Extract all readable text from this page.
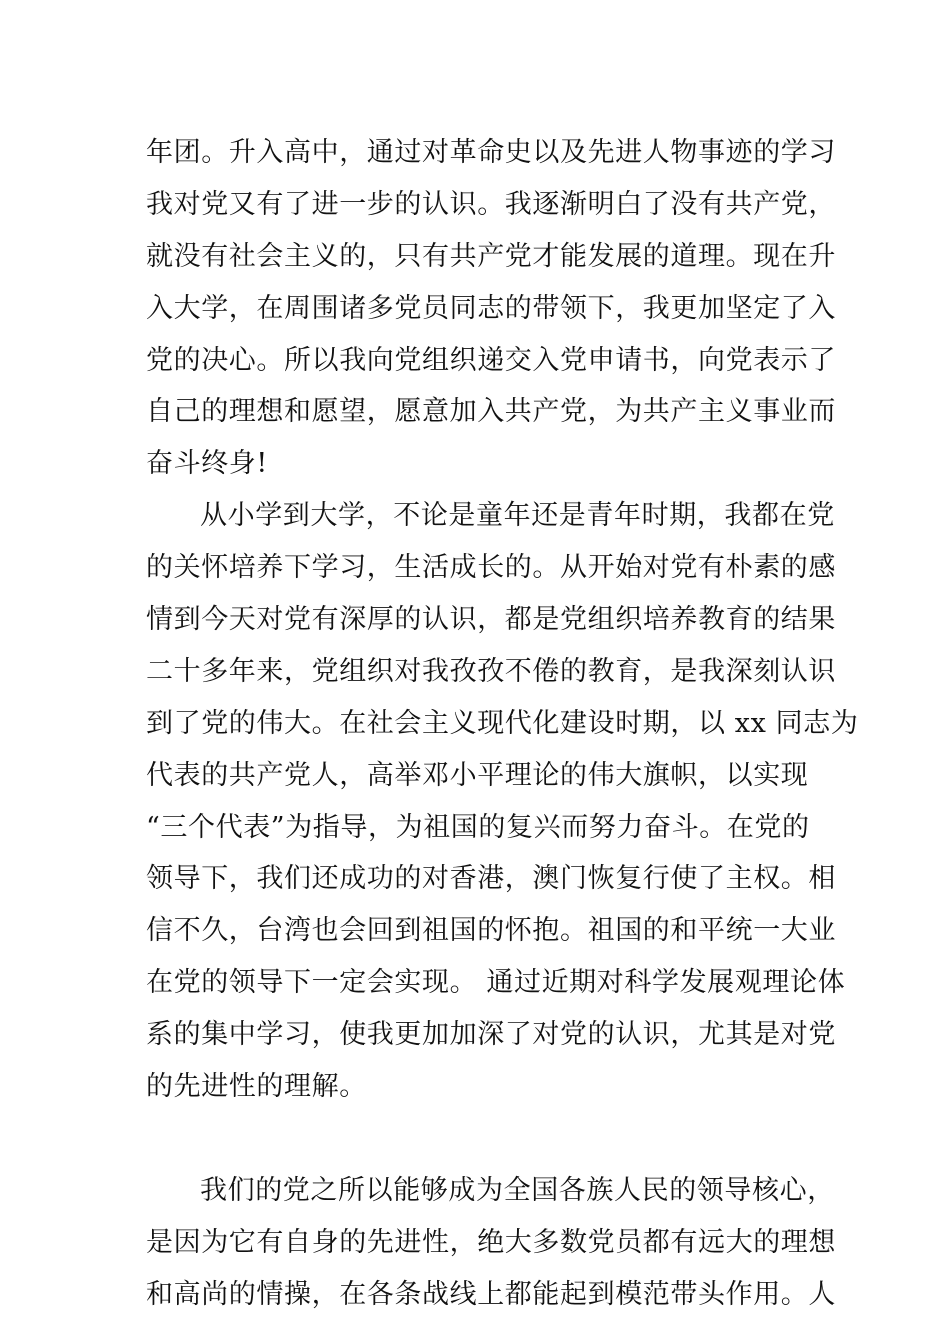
年团。升入高中，通过对革命史以及先进人物事迹的学习
我对党又有了进一步的认识。我逐渐明白了没有共产党，
就没有社会主义的，只有共产党才能发展的道理。现在升
入大学，在周围诸多党员同志的带领下，我更加坚定了入
党的决心。所以我向党组织递交入党申请书，向党表示了
自己的理想和愿望，愿意加入共产党，为共产主义事业而
奋斗终身!
从小学到大学，不论是童年还是青年时期，我都在党
的关怀培养下学习，生活成长的。从开始对党有朴素的感
情到今天对党有深厚的认识，都是党组织培养教育的结果
二十多年来，党组织对我孜孜不倦的教育，是我深刻认识
到了党的伟大。在社会主义现代化建设时期，以 xx 同志为
代表的共产党人，高举邓小平理论的伟大旗帜，以实现
“三个代表”为指导，为祖国的复兴而努力奋斗。在党的
领导下，我们还成功的对香港，澳门恢复行使了主权。相
信不久，台湾也会回到祖国的怀抱。祖国的和平统一大业
在党的领导下一定会实现。 通过近期对科学发展观理论体
系的集中学习，使我更加加深了对党的认识，尤其是对党
的先进性的理解。
我们的党之所以能够成为全国各族人民的领导核心，
是因为它有自身的先进性，绝大多数党员都有远大的理想
和高尚的情操，在各条战线上都能起到模范带头作用。人
